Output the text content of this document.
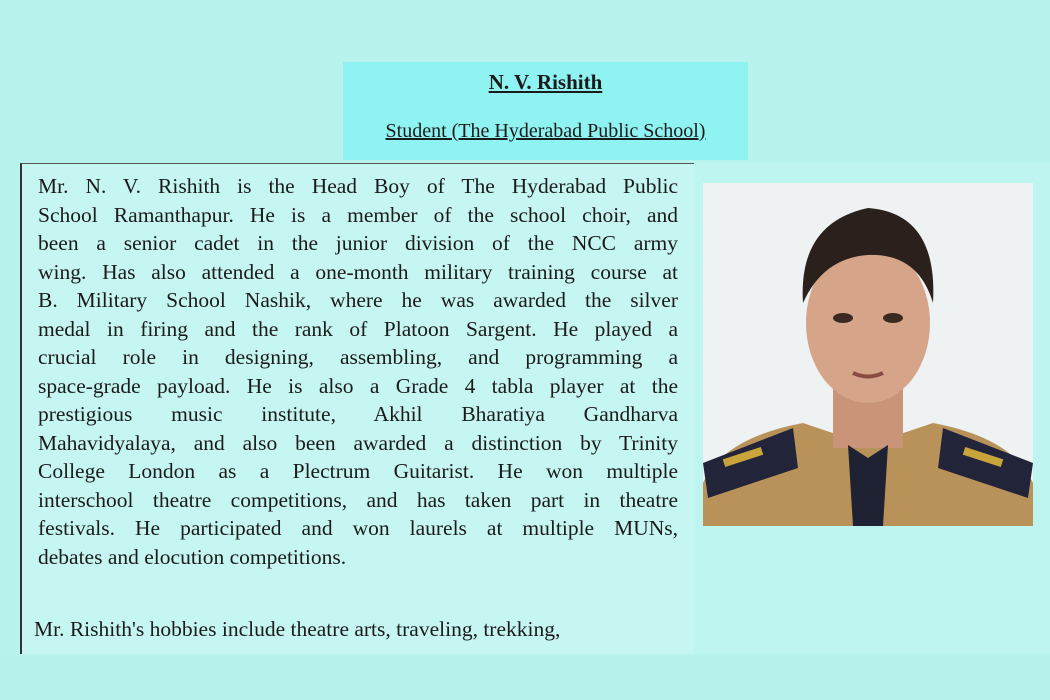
N. V. Rishith
Student (The Hyderabad Public School)
Mr. N. V. Rishith is the Head Boy of The Hyderabad Public
School Ramanthapur. He is a member of the school choir, and
been a senior cadet in the junior division of the NCC army
wing. Has also attended a one-month military training course at
B. Military School Nashik, where he was awarded the silver
medal in firing and the rank of Platoon Sargent. He played a
crucial role in designing, assembling, and programming a
space-grade payload. He is also a Grade 4 tabla player at the
prestigious music institute, Akhil Bharatiya Gandharva
Mahavidyalaya, and also been awarded a distinction by Trinity
College London as a Plectrum Guitarist. He won multiple
interschool theatre competitions, and has taken part in theatre
festivals. He participated and won laurels at multiple MUNs,
debates and elocution competitions.
Mr. Rishith's hobbies include theatre arts, traveling, trekking,
